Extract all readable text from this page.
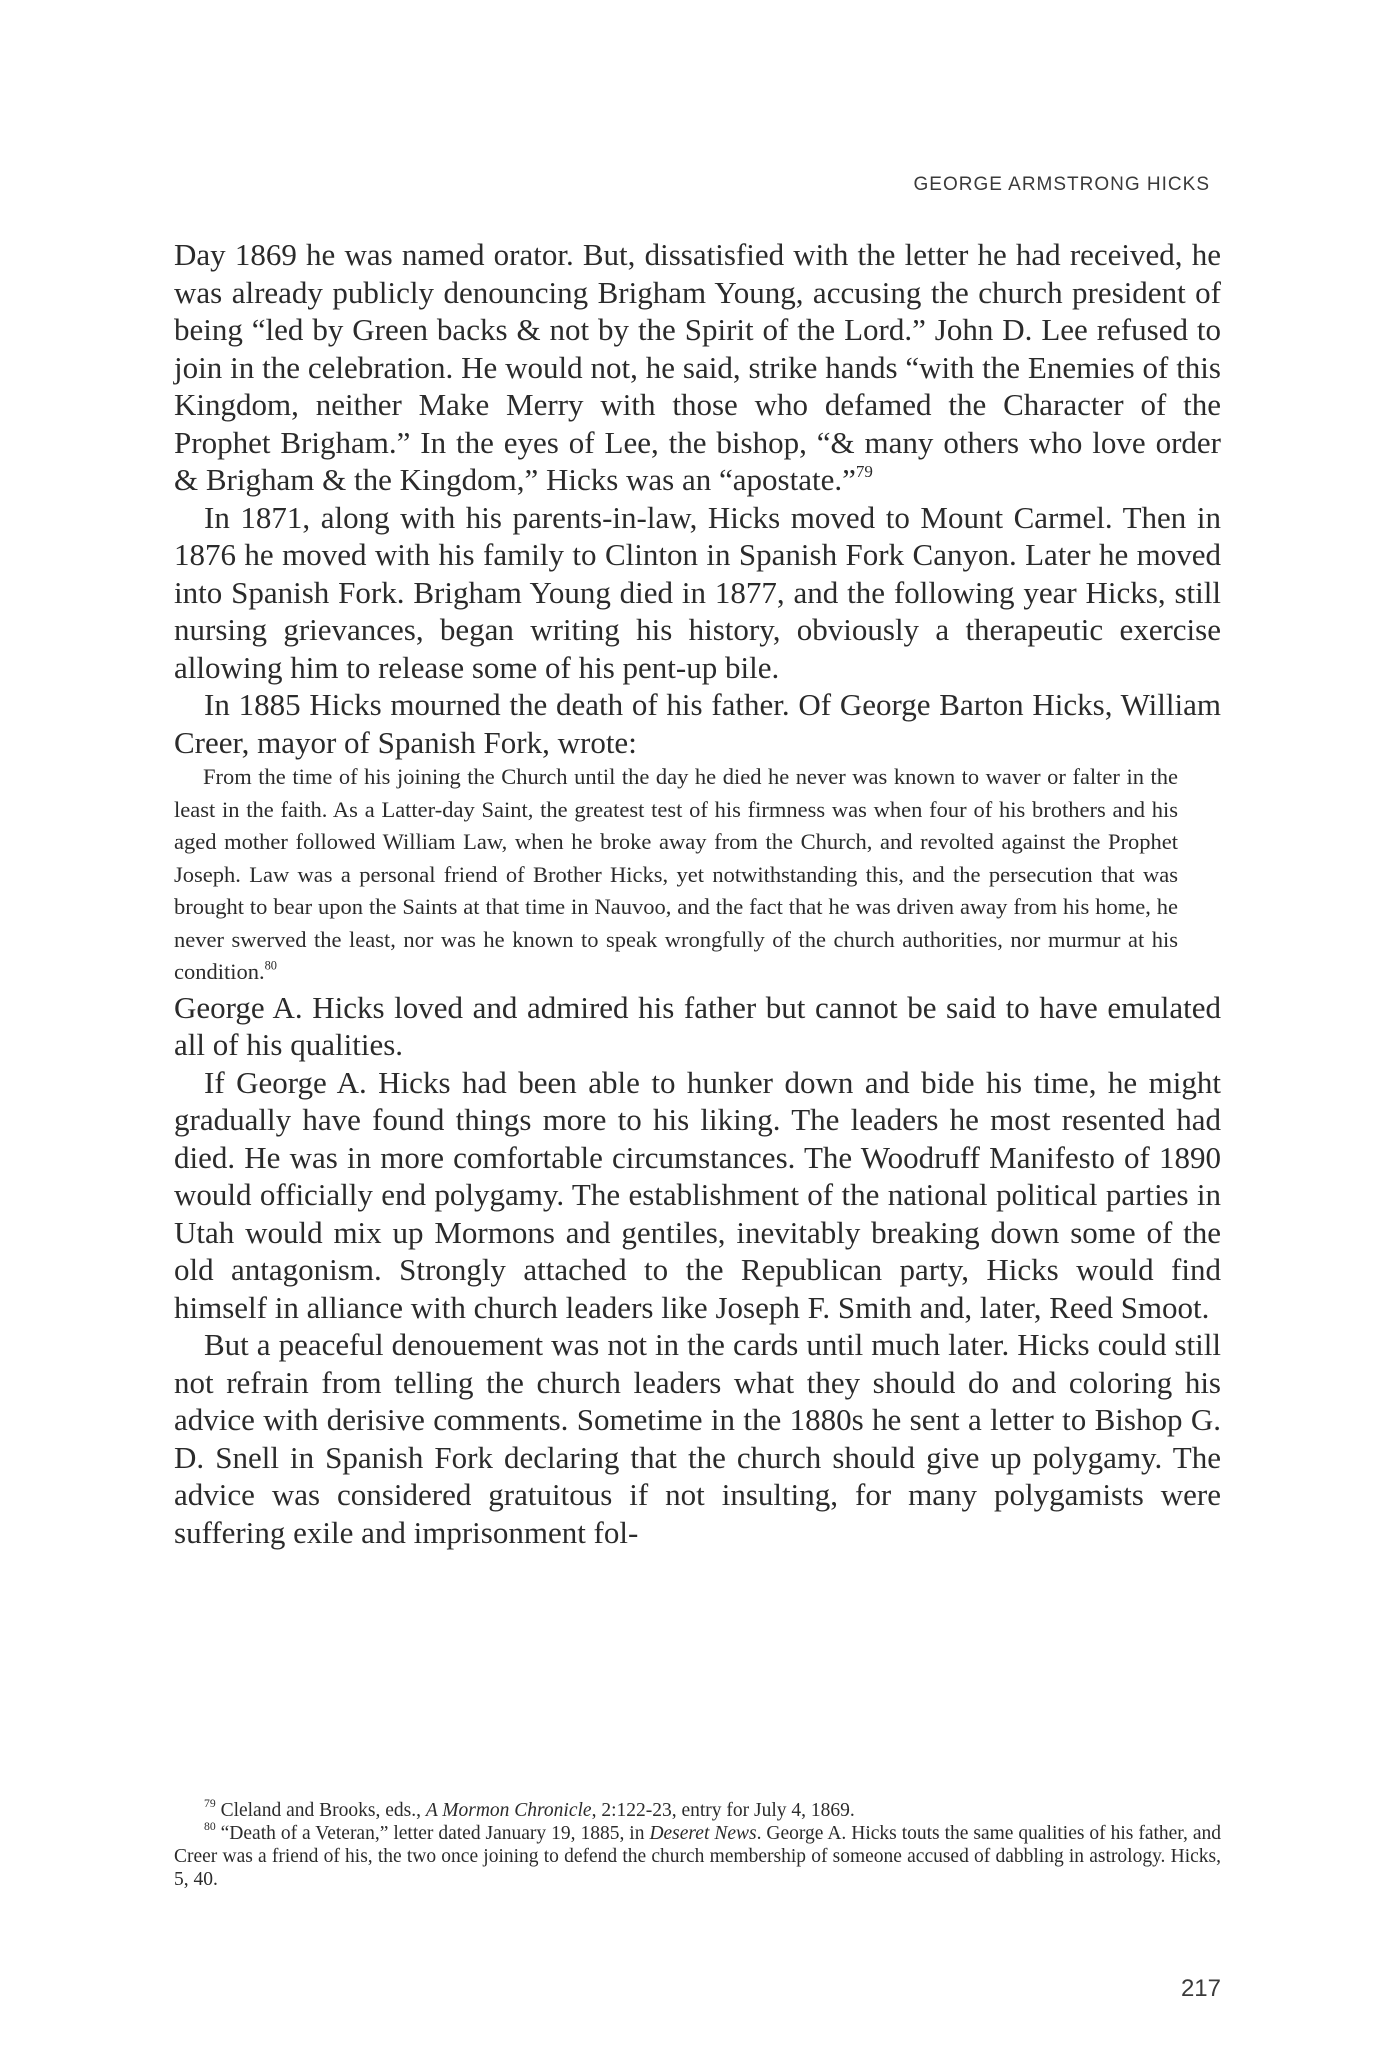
GEORGE ARMSTRONG HICKS

Day 1869 he was named orator. But, dissatisfied with the letter he had received, he was already publicly denouncing Brigham Young, accusing the church president of being “led by Green backs & not by the Spirit of the Lord.” John D. Lee refused to join in the celebration. He would not, he said, strike hands “with the Enemies of this Kingdom, neither Make Merry with those who defamed the Character of the Prophet Brigham.” In the eyes of Lee, the bishop, “& many others who love order & Brigham & the Kingdom,” Hicks was an “apostate.”$^{79}$

In 1871, along with his parents-in-law, Hicks moved to Mount Carmel. Then in 1876 he moved with his family to Clinton in Spanish Fork Canyon. Later he moved into Spanish Fork. Brigham Young died in 1877, and the following year Hicks, still nursing grievances, began writing his history, obviously a therapeutic exercise allowing him to release some of his pent-up bile.

In 1885 Hicks mourned the death of his father. Of George Barton Hicks, William Creer, mayor of Spanish Fork, wrote:

From the time of his joining the Church until the day he died he never was known to waver or falter in the least in the faith. As a Latter-day Saint, the greatest test of his firmness was when four of his brothers and his aged mother followed William Law, when he broke away from the Church, and revolted against the Prophet Joseph. Law was a personal friend of Brother Hicks, yet notwithstanding this, and the persecution that was brought to bear upon the Saints at that time in Nauvoo, and the fact that he was driven away from his home, he never swerved the least, nor was he known to speak wrongfully of the church authorities, nor murmur at his condition.$^{80}$

George A. Hicks loved and admired his father but cannot be said to have emulated all of his qualities.

If George A. Hicks had been able to hunker down and bide his time, he might gradually have found things more to his liking. The leaders he most resented had died. He was in more comfortable circumstances. The Woodruff Manifesto of 1890 would officially end polygamy. The establishment of the national political parties in Utah would mix up Mormons and gentiles, inevitably breaking down some of the old antagonism. Strongly attached to the Republican party, Hicks would find himself in alliance with church leaders like Joseph F. Smith and, later, Reed Smoot.

But a peaceful denouement was not in the cards until much later. Hicks could still not refrain from telling the church leaders what they should do and coloring his advice with derisive comments. Sometime in the 1880s he sent a letter to Bishop G. D. Snell in Spanish Fork declaring that the church should give up polygamy. The advice was considered gratuitous if not insulting, for many polygamists were suffering exile and imprisonment fol-

$^{79}$ Cleland and Brooks, eds., A Mormon Chronicle, 2:122-23, entry for July 4, 1869.

$^{80}$ “Death of a Veteran,” letter dated January 19, 1885, in Deseret News. George A. Hicks touts the same qualities of his father, and Creer was a friend of his, the two once joining to defend the church membership of someone accused of dabbling in astrology. Hicks, 5, 40.

217
